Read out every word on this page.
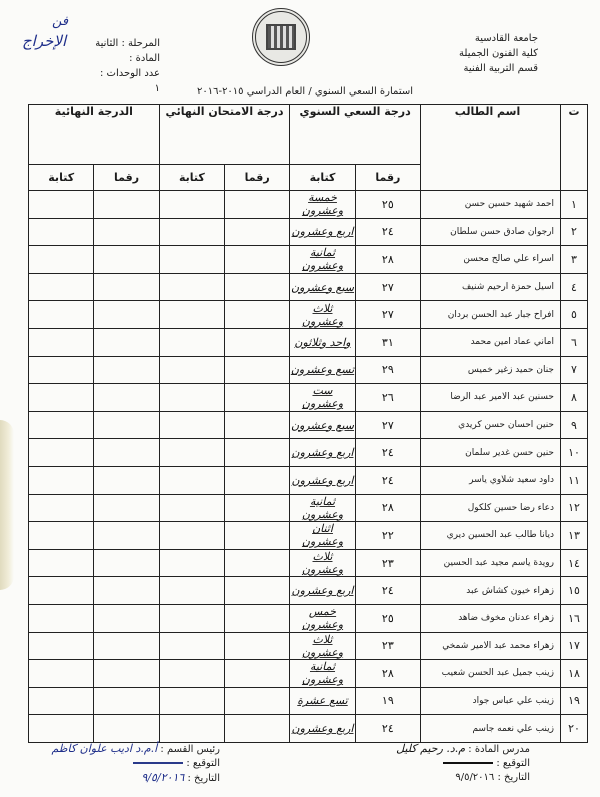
جامعة القادسية
كلية الفنون الجميلة
قسم التربية الفنية
المرحلة : الثانية
المادة :
عدد الوحدات :
١
فن
الإخراج
استمارة السعي السنوي / العام الدراسي ٢٠١٥-٢٠١٦
ت	اسم الطالب	درجة السعي السنوي		درجة الامتحان النهائي		الدرجة النهائية	
		رقما	كتابة	رقما	كتابة	رقما	كتابة
١	احمد شهيد حسين حسن	٢٥	خمسة وعشرون				
٢	ارجوان صادق حسن سلطان	٢٤	اربع وعشرون				
٣	اسراء علي صالح محسن	٢٨	ثمانية وعشرون				
٤	اسيل حمزة ارحيم شنيف	٢٧	سبع وعشرون				
٥	افراح جبار عبد الحسن بردان	٢٧	ثلاث وعشرون				
٦	اماني عماد امين محمد	٣١	واحد وثلاثون				
٧	جنان حميد زغير خميس	٢٩	تسع وعشرون				
٨	حسنين عبد الامير عبد الرضا	٢٦	ست وعشرون				
٩	حنين احسان حسن كريدي	٢٧	سبع وعشرون				
١٠	حنين حسن غدير سلمان	٢٤	اربع وعشرون				
١١	داود سعيد شلاوي ياسر	٢٤	اربع وعشرون				
١٢	دعاء رضا حسين كلكول	٢٨	ثمانية وعشرون				
١٣	ديانا طالب عبد الحسين ديري	٢٢	اثنان وعشرون				
١٤	رويدة ياسم مجيد عبد الحسين	٢٣	ثلاث وعشرون				
١٥	زهراء خيون كشاش عبد	٢٤	اربع وعشرون				
١٦	زهراء عدنان مخوف ضاهد	٢٥	خمس وعشرون				
١٧	زهراء محمد عبد الامير شمخي	٢٣	ثلاث وعشرون				
١٨	زينب جميل عبد الحسن شعيب	٢٨	ثمانية وعشرون				
١٩	زينب علي عباس جواد	١٩	تسع عشرة				
٢٠	زينب علي نعمه جاسم	٢٤	اربع وعشرون				
مدرس المادة : م.د. رحيم كليل
التوقيع :
التاريخ : ٩/٥/٢٠١٦
رئيس القسم : أ.م.د اديب علوان كاظم
التوقيع :
التاريخ : ٩/٥/٢٠١٦
